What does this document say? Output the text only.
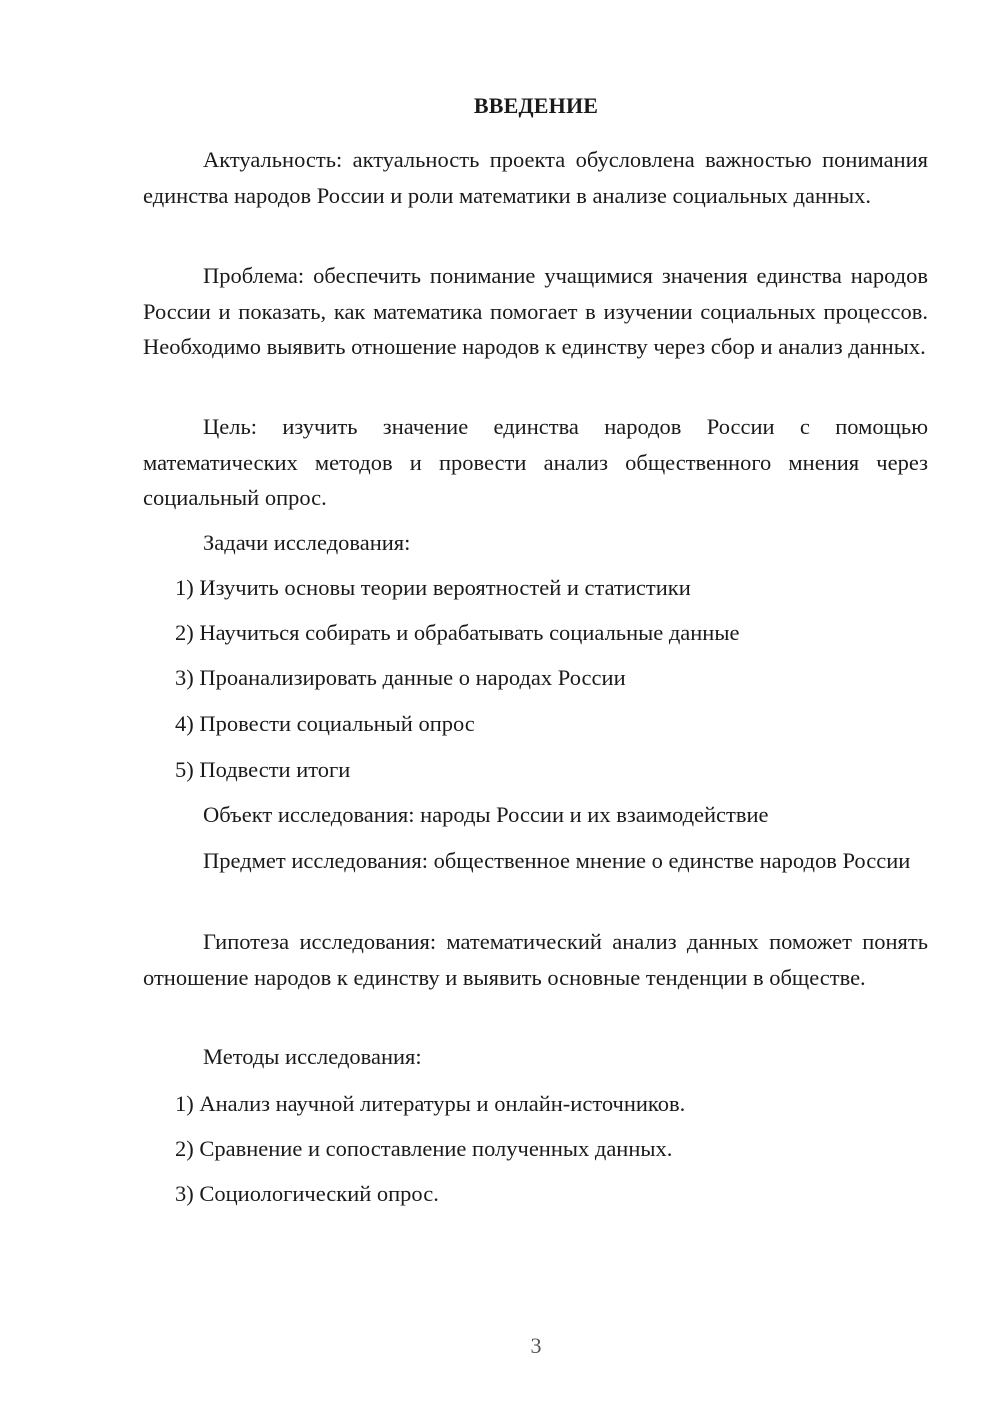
ВВЕДЕНИЕ
Актуальность: актуальность проекта обусловлена важностью понимания единства народов России и роли математики в анализе социальных данных.
Проблема: обеспечить понимание учащимися значения единства народов России и показать, как математика помогает в изучении социальных процессов. Необходимо выявить отношение народов к единству через сбор и анализ данных.
Цель: изучить значение единства народов России с помощью математических методов и провести анализ общественного мнения через социальный опрос.
Задачи исследования:
1) Изучить основы теории вероятностей и статистики
2) Научиться собирать и обрабатывать социальные данные
3) Проанализировать данные о народах России
4) Провести социальный опрос
5) Подвести итоги
Объект исследования: народы России и их взаимодействие
Предмет исследования: общественное мнение о единстве народов России
Гипотеза исследования: математический анализ данных поможет понять отношение народов к единству и выявить основные тенденции в обществе.
Методы исследования:
1) Анализ научной литературы и онлайн-источников.
2) Сравнение и сопоставление полученных данных.
3) Социологический опрос.
3
